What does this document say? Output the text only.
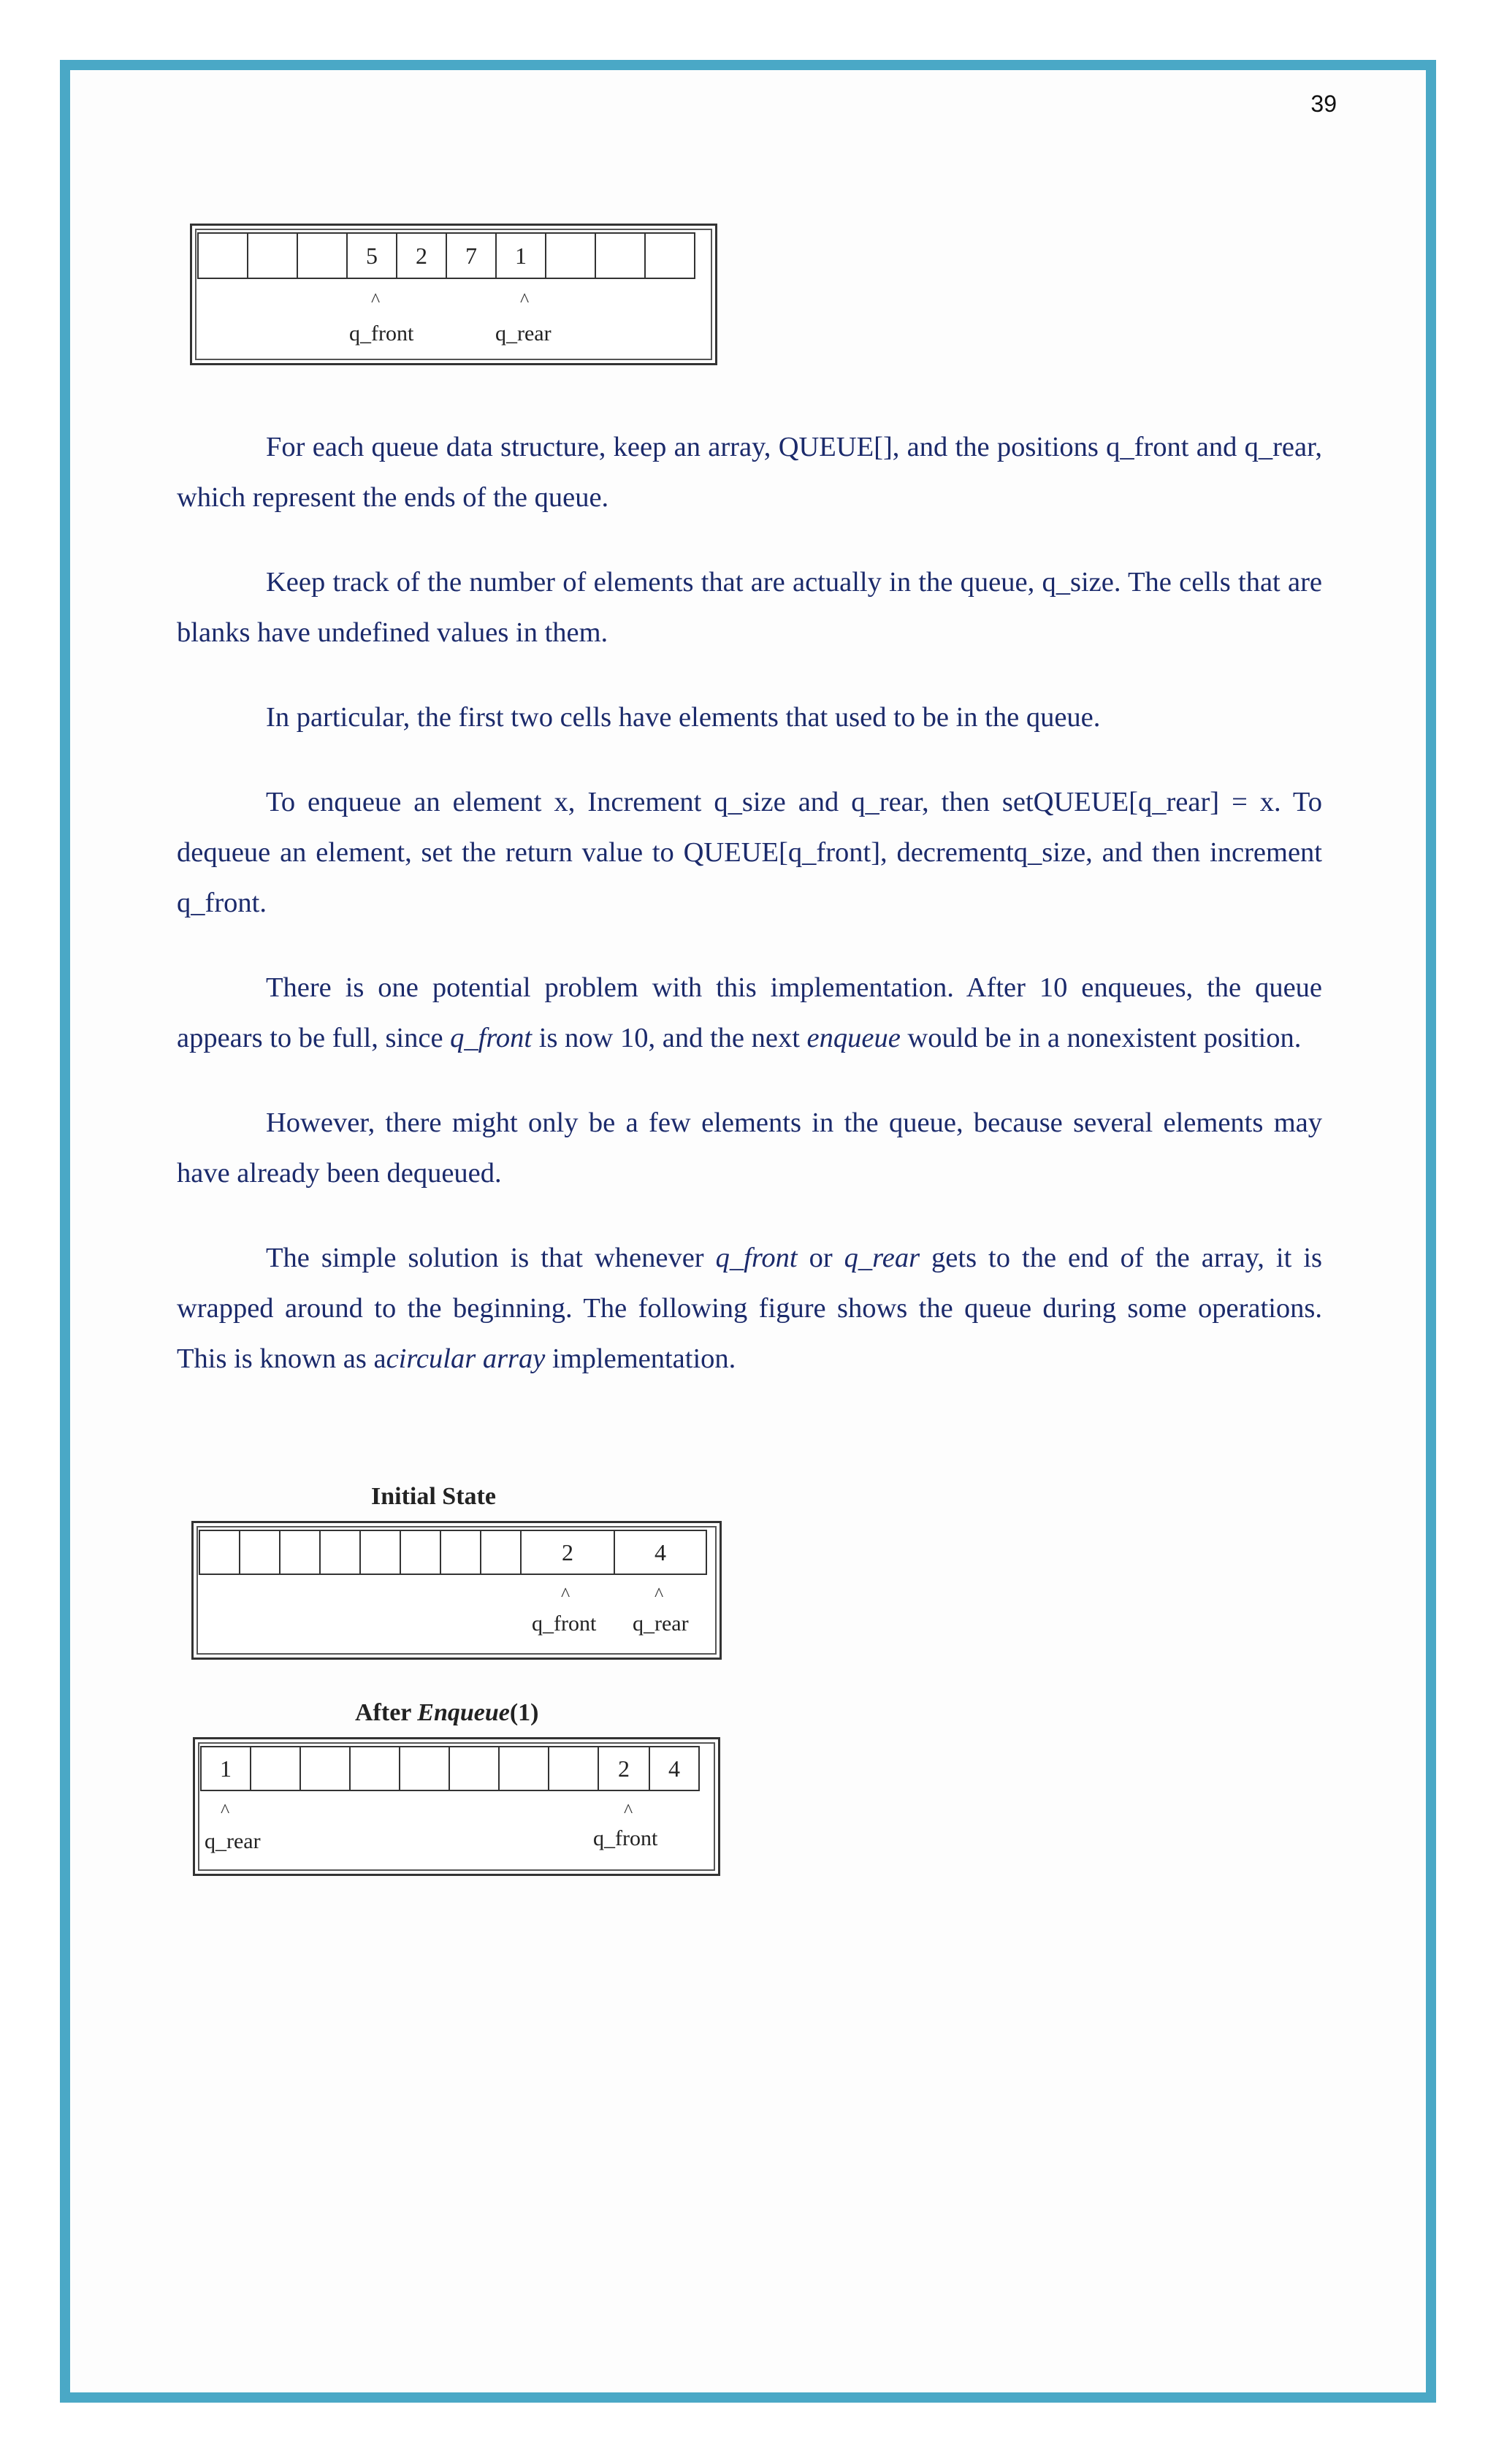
39
5	2	7	1
^	^
q_front	q_rear

For each queue data structure, keep an array, QUEUE[], and the positions q_front and q_rear, which represent the ends of the queue.

Keep track of the number of elements that are actually in the queue, q_size. The cells that are blanks have undefined values in them.

In particular, the first two cells have elements that used to be in the queue.

To enqueue an element x, Increment q_size and q_rear, then setQUEUE[q_rear] = x. To dequeue an element, set the return value to QUEUE[q_front], decrementq_size, and then increment q_front.

There is one potential problem with this implementation. After 10 enqueues, the queue appears to be full, since q_front is now 10, and the next enqueue would be in a nonexistent position.

However, there might only be a few elements in the queue, because several elements may have already been dequeued.

The simple solution is that whenever q_front or q_rear gets to the end of the array, it is wrapped around to the beginning. The following figure shows the queue during some operations. This is known as acircular array implementation.

Initial State
2	4
^	^
q_front q_rear
After Enqueue(1)
1	2	4
^	^
q_rear	q_front
